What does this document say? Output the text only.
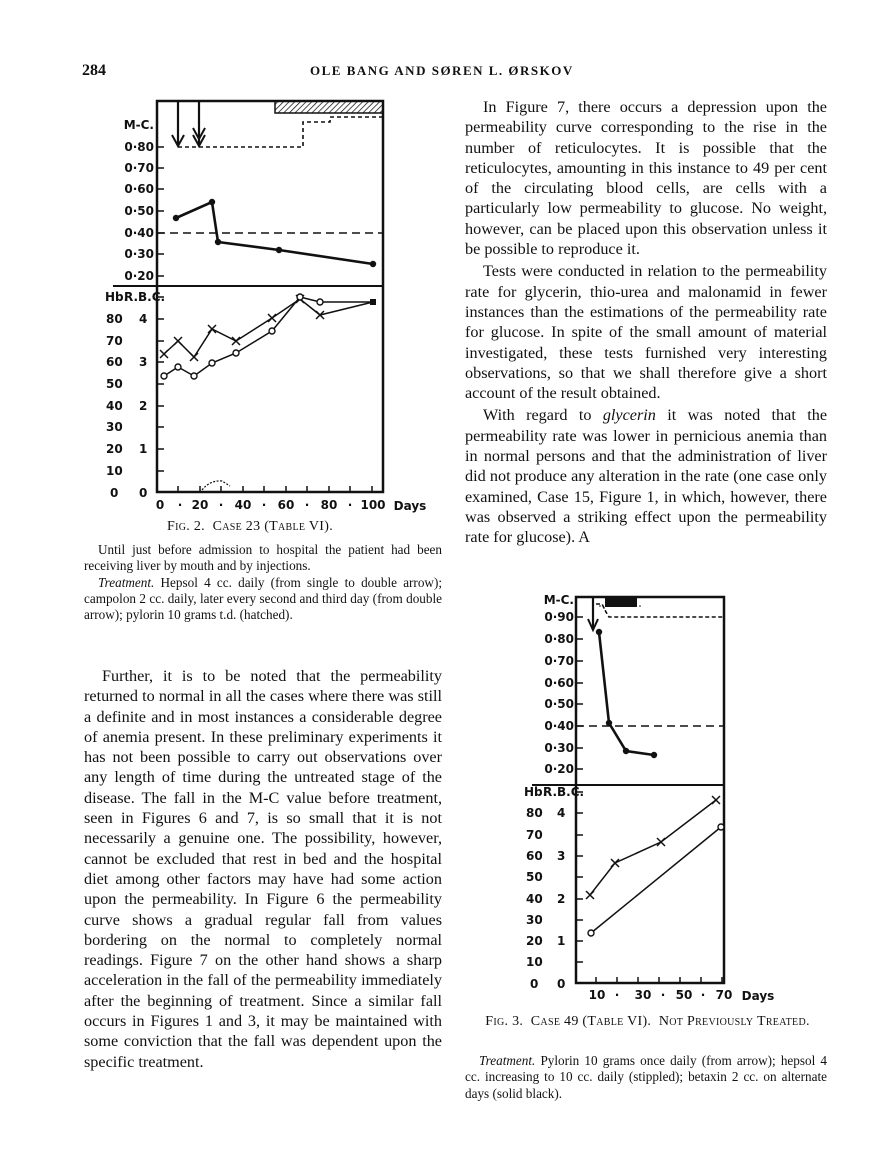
284	OLE BANG AND SØREN L. ØRSKOV
M-C.
0·80
0·70
0·60
0·50
0·40
0·30
0·20
Hb.
R.B.C.
80
70
60
50
40
30
20
10
0
4
3
2
1
0
0 · 20 · 40 · 60 · 80 · 100 Days
Fig. 2. Case 23 (Table VI).

Until just before admission to hospital the patient had been receiving liver by mouth and by injections.

Treatment. Hepsol 4 cc. daily (from single to double arrow); campolon 2 cc. daily, later every second and third day (from double arrow); pylorin 10 grams t.d. (hatched).

Further, it is to be noted that the permeability returned to normal in all the cases where there was still a definite and in most instances a considerable degree of anemia present. In these preliminary experiments it has not been possible to carry out observations over any length of time during the untreated stage of the disease. The fall in the M-C value before treatment, seen in Figures 6 and 7, is so small that it is not necessarily a genuine one. The possibility, however, cannot be excluded that rest in bed and the hospital diet among other factors may have had some action upon the permeability. In Figure 6 the permeability curve shows a gradual regular fall from values bordering on the normal to completely normal readings. Figure 7 on the other hand shows a sharp acceleration in the fall of the permeability immediately after the beginning of treatment. Since a similar fall occurs in Figures 1 and 3, it may be maintained with some conviction that the fall was dependent upon the specific treatment.

In Figure 7, there occurs a depression upon the permeability curve corresponding to the rise in the number of reticulocytes. It is possible that the reticulocytes, amounting in this instance to 49 per cent of the circulating blood cells, are cells with a particularly low permeability to glucose. No weight, however, can be placed upon this observation unless it be possible to reproduce it.

Tests were conducted in relation to the permeability rate for glycerin, thio-urea and malonamid in fewer instances than the estimations of the permeability rate for glucose. In spite of the small amount of material investigated, these tests furnished very interesting observations, so that we shall therefore give a short account of the result obtained.

With regard to glycerin it was noted that the permeability rate was lower in pernicious anemia than in normal persons and that the administration of liver did not produce any alteration in the rate (one case only examined, Case 15, Figure 1, in which, however, there was observed a striking effect upon the permeability rate for glucose). A

M-C.
0·90
0·80
0·70
0·60
0·50
0·40
0·30
0·20
Hb.
R.B.C.
80
70
60
50
40
30
20
10
0
4
3
2
1
0
10 · 30 · 50 · 70 Days
Fig. 3. Case 49 (Table VI). Not Previously Treated.

Treatment. Pylorin 10 grams once daily (from arrow); hepsol 4 cc. increasing to 10 cc. daily (stippled); betaxin 2 cc. on alternate days (solid black).
